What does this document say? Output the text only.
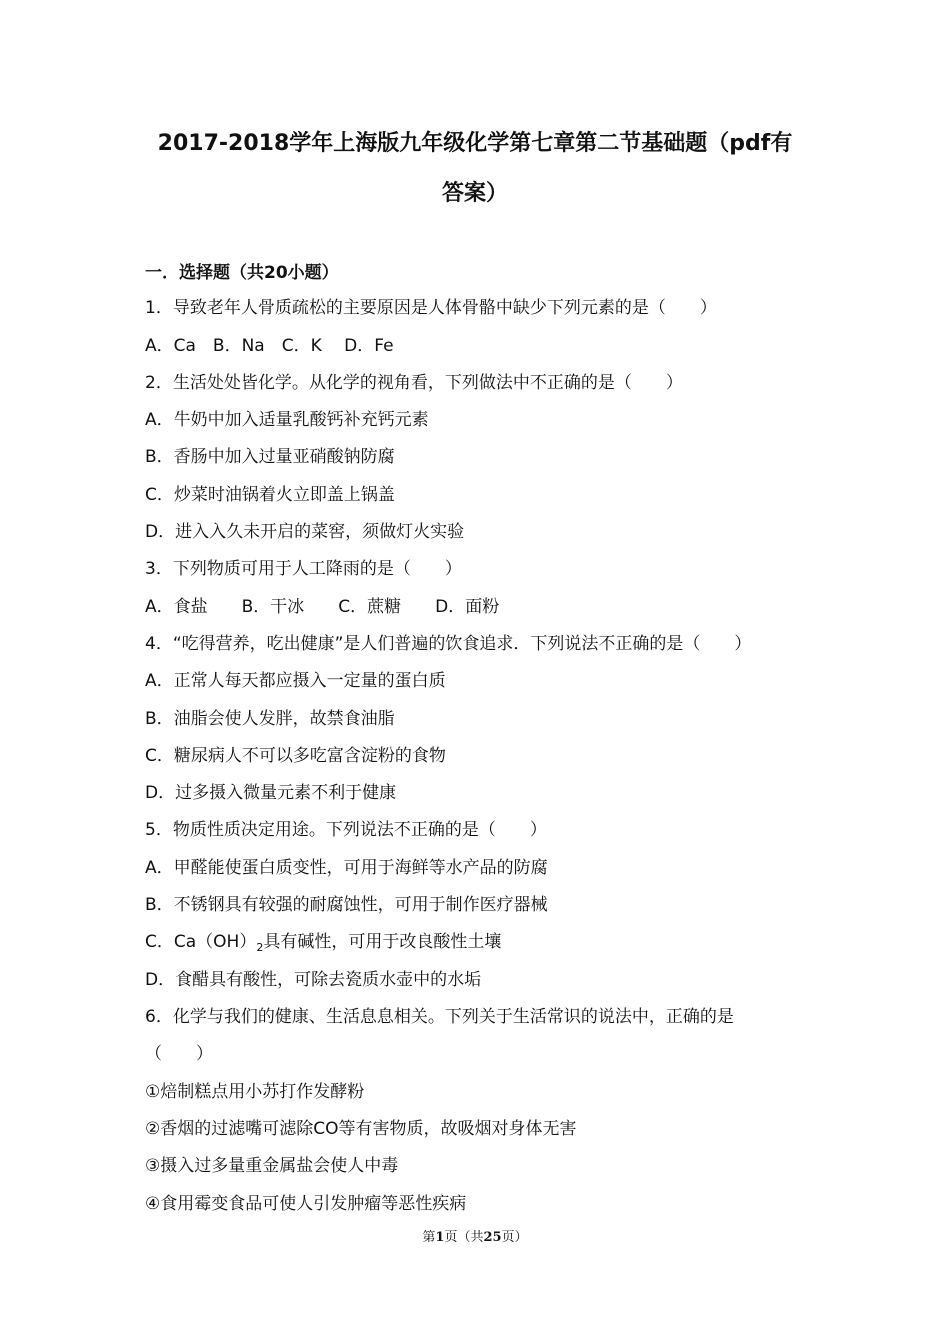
2017-2018学年上海版九年级化学第七章第二节基础题（pdf有
答案）
一．选择题（共20小题）
1．导致老年人骨质疏松的主要原因是人体骨骼中缺少下列元素的是（　　）
A．Ca　B．Na　C．K　 D．Fe
2．生活处处皆化学。从化学的视角看，下列做法中不正确的是（　　）
A．牛奶中加入适量乳酸钙补充钙元素
B．香肠中加入过量亚硝酸钠防腐
C．炒菜时油锅着火立即盖上锅盖
D．进入入久未开启的菜窖，须做灯火实验
3．下列物质可用于人工降雨的是（　　）
A．食盐　　B．干冰　　C．蔗糖　　D．面粉
4．“吃得营养，吃出健康”是人们普遍的饮食追求．下列说法不正确的是（　　）
A．正常人每天都应摄入一定量的蛋白质
B．油脂会使人发胖，故禁食油脂
C．糖尿病人不可以多吃富含淀粉的食物
D．过多摄入微量元素不利于健康
5．物质性质决定用途。下列说法不正确的是（　　）
A．甲醛能使蛋白质变性，可用于海鲜等水产品的防腐
B．不锈钢具有较强的耐腐蚀性，可用于制作医疗器械
C．$Ca(OH)_2$具有碱性，可用于改良酸性土壤
D．食醋具有酸性，可除去瓷质水壶中的水垢
6．化学与我们的健康、生活息息相关。下列关于生活常识的说法中，正确的是
（　　）
①焙制糕点用小苏打作发酵粉
②香烟的过滤嘴可滤除CO等有害物质，故吸烟对身体无害
③摄入过多量重金属盐会使人中毒
④食用霉变食品可使人引发肿瘤等恶性疾病
第1页（共25页）
